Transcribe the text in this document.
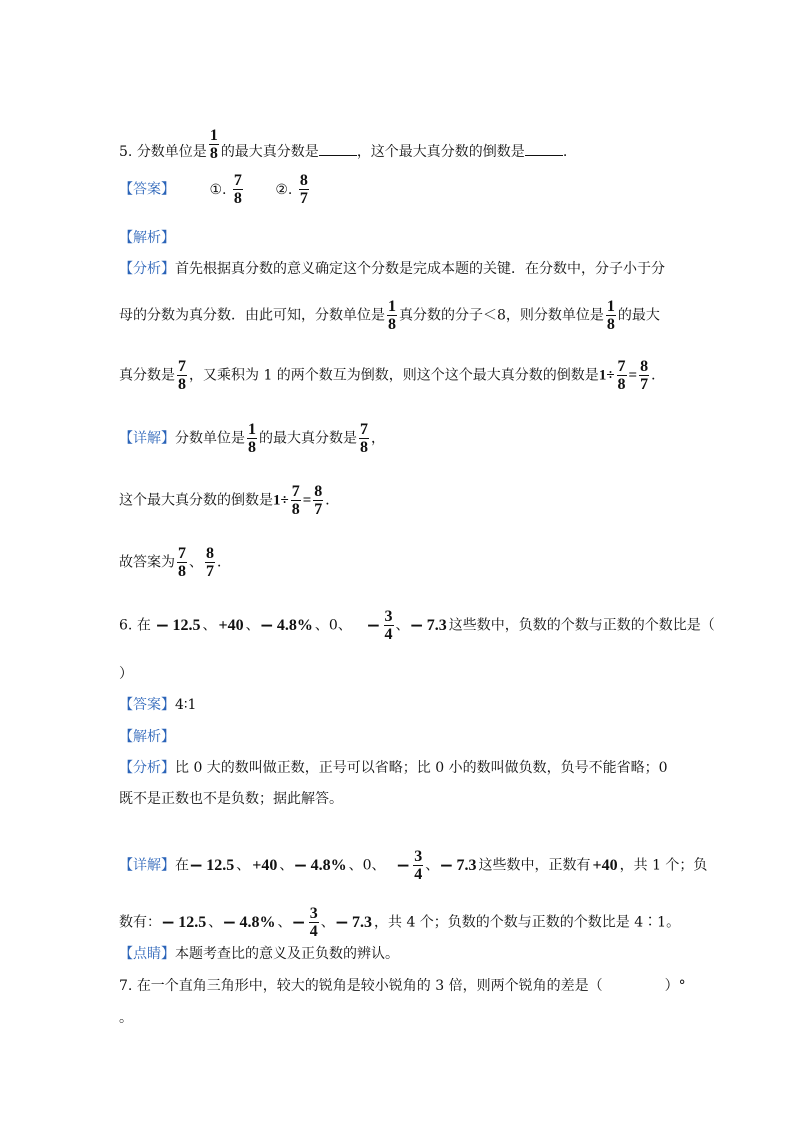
5. 分数单位是 $\frac{1}{8}$ 的最大真分数是	，这个最大真分数的倒数是	.
【答案】 ①. $\frac{7}{8}$ ②. $\frac{8}{7}$
【解析】
【分析】首先根据真分数的意义确定这个分数是完成本题的关键．在分数中，分子小于分
母的分数为真分数．由此可知，分数单位是 $\frac{1}{8}$ 真分数的分子＜8，则分数单位是 $\frac{1}{8}$ 的最大
真分数是 $\frac{7}{8}$ ，又乘积为 1 的两个数互为倒数，则这个这个最大真分数的倒数是$1\div \frac{7}{8} = \frac{8}{7}$ ．
【详解】分数单位是 $\frac{1}{8}$ 的最大真分数是 $\frac{7}{8}$ ，
这个最大真分数的倒数是$1\div \frac{7}{8} = \frac{8}{7}$ ．
故答案为 $\frac{7}{8}$ 、 $\frac{8}{7}$ ．
6. 在 − 12.5 、 +40 、− 4.8% 、0、 − $\frac{3}{4}$ 、− 7.3 这些数中，负数的个数与正数的个数比是（
）
【答案】4∶1
【解析】
【分析】比 0 大的数叫做正数，正号可以省略；比 0 小的数叫做负数，负号不能省略；0
既不是正数也不是负数；据此解答。
【详解】在− 12.5 、 +40 、− 4.8% 、0、 − $\frac{3}{4}$ 、− 7.3 这些数中，正数有 +40 ，共 1 个；负
数有：− 12.5 、− 4.8% 、− $\frac{3}{4}$ 、− 7.3 ，共 4 个；负数的个数与正数的个数比是 4∶1。
【点睛】本题考查比的意义及正负数的辨认。
7. 在一个直角三角形中，较大的锐角是较小锐角的 3 倍，则两个锐角的差是（	）°
。
